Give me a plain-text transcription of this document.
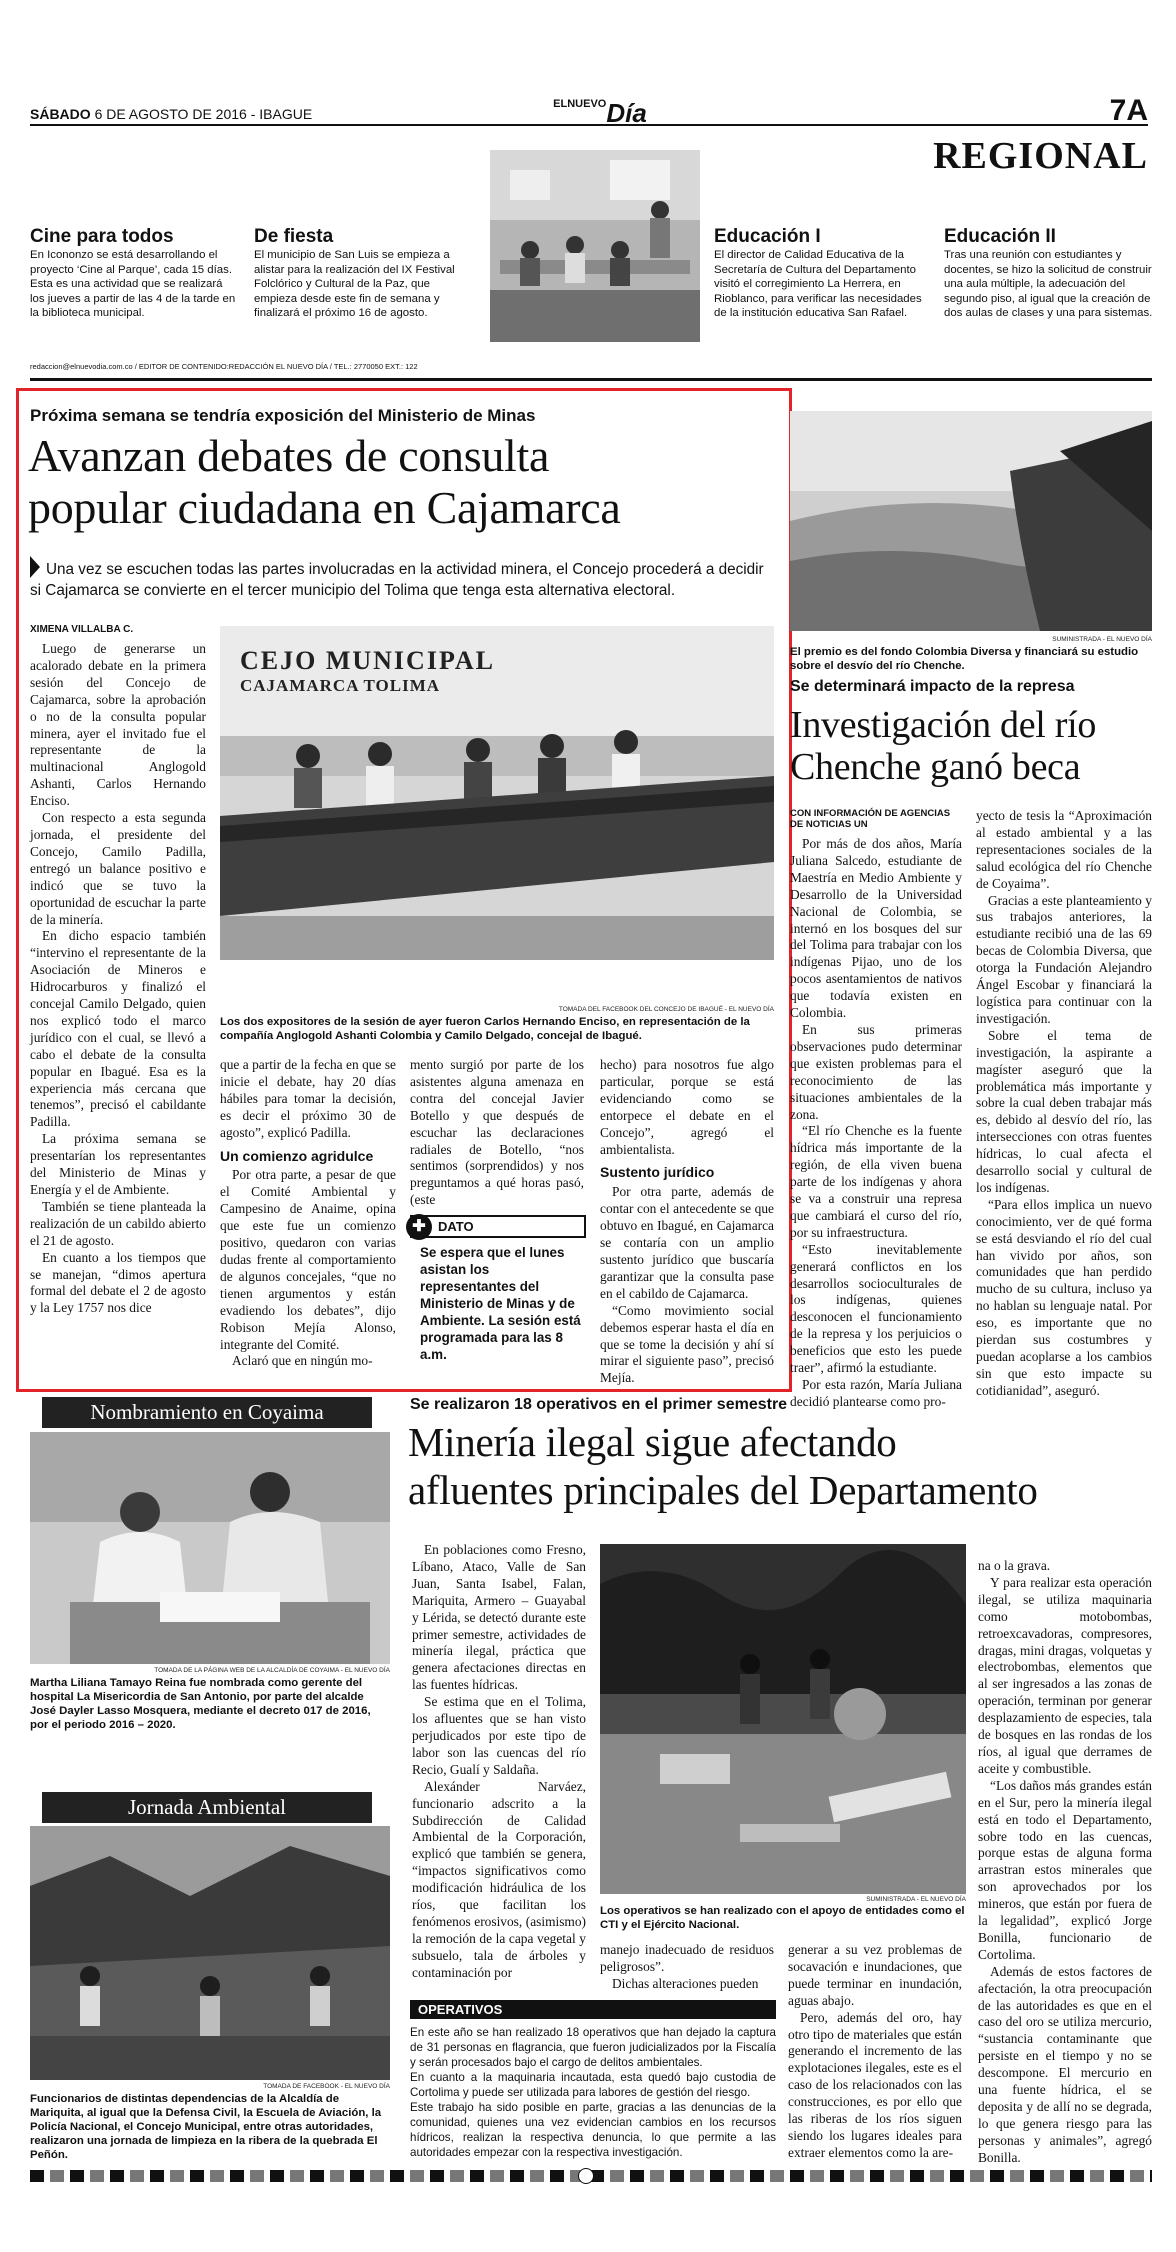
SÁBADO 6 DE AGOSTO DE 2016 - IBAGUE
$^{ELNUEVO}$Día	7A
REGIONAL
Cine para todos
En Icononzo se está desarrollando el proyecto ‘Cine al Parque’, cada 15 días. Esta es una actividad que se realizará los jueves a partir de las 4 de la tarde en la biblioteca municipal.
De fiesta
El municipio de San Luis se empieza a alistar para la realización del IX Festival Folclórico y Cultural de la Paz, que empieza desde este fin de semana y finalizará el próximo 16 de agosto.
Educación I
El director de Calidad Educativa de la Secretaría de Cultura del Departamento visitó el corregimiento La Herrera, en Rioblanco, para verificar las necesidades de la institución educativa San Rafael.
Educación II
Tras una reunión con estudiantes y docentes, se hizo la solicitud de construir una aula múltiple, la adecuación del segundo piso, al igual que la creación de dos aulas de clases y una para sistemas.
redaccion@elnuevodia.com.co / EDITOR DE CONTENIDO:REDACCIÓN EL NUEVO DÍA / TEL.: 2770050 EXT.: 122
Próxima semana se tendría exposición del Ministerio de Minas
Avanzan debates de consulta
popular ciudadana en Cajamarca
Una vez se escuchen todas las partes involucradas en la actividad minera, el Concejo procederá a decidir si Cajamarca se convierte en el tercer municipio del Tolima que tenga esta alternativa electoral.
XIMENA VILLALBA C.
CEJO MUNICIPAL
CAJAMARCA TOLIMA
TOMADA DEL FACEBOOK DEL CONCEJO DE IBAGUÉ - EL NUEVO DÍA
Los dos expositores de la sesión de ayer fueron Carlos Hernando Enciso, en representación de la compañía Anglogold Ashanti Colombia y Camilo Delgado, concejal de Ibagué.

Luego de generarse un acalorado debate en la primera sesión del Concejo de Cajamarca, sobre la aprobación o no de la consulta popular minera, ayer el invitado fue el representante de la multinacional Anglogold Ashanti, Carlos Hernando Enciso.

Con respecto a esta segunda jornada, el presidente del Concejo, Camilo Padilla, entregó un balance positivo e indicó que se tuvo la oportunidad de escuchar la parte de la minería.

En dicho espacio también “intervino el representante de la Asociación de Mineros e Hidrocarburos y finalizó el concejal Camilo Delgado, quien nos explicó todo el marco jurídico con el cual, se llevó a cabo el debate de la consulta popular en Ibagué. Esa es la experiencia más cercana que tenemos”, precisó el cabildante Padilla.

La próxima semana se presentarían los representantes del Ministerio de Minas y Energía y el de Ambiente.

También se tiene planteada la realización de un cabildo abierto el 21 de agosto.

En cuanto a los tiempos que se manejan, “dimos apertura formal del debate el 2 de agosto y la Ley 1757 nos dice

que a partir de la fecha en que se inicie el debate, hay 20 días hábiles para tomar la decisión, es decir el próximo 30 de agosto”, explicó Padilla.

Un comienzo agridulce

Por otra parte, a pesar de que el Comité Ambiental y Campesino de Anaime, opina que este fue un comienzo positivo, quedaron con varias dudas frente al comportamiento de algunos concejales, “que no tienen argumentos y están evadiendo los debates”, dijo Robison Mejía Alonso, integrante del Comité.

Aclaró que en ningún mo-

mento surgió por parte de los asistentes alguna amenaza en contra del concejal Javier Botello y que después de escuchar las declaraciones radiales de Botello, “nos sentimos (sorprendidos) y nos preguntamos a qué horas pasó, (este

✚ DATO
Se espera que el lunes asistan los representantes del Ministerio de Minas y de Ambiente. La sesión está programada para las 8 a.m.

hecho) para nosotros fue algo particular, porque se está evidenciando como se entorpece el debate en el Concejo”, agregó el ambientalista.

Sustento jurídico

Por otra parte, además de contar con el antecedente se que obtuvo en Ibagué, en Cajamarca se contaría con un amplio sustento jurídico que buscaría garantizar que la consulta pase en el cabildo de Cajamarca.

“Como movimiento social debemos esperar hasta el día en que se tome la decisión y ahí sí mirar el siguiente paso”, precisó Mejía.

SUMINISTRADA - EL NUEVO DÍA
El premio es del fondo Colombia Diversa y financiará su estudio sobre el desvío del río Chenche.
Se determinará impacto de la represa
Investigación del río
Chenche ganó beca
CON INFORMACIÓN DE AGENCIAS DE NOTICIAS UN

Por más de dos años, María Juliana Salcedo, estudiante de Maestría en Medio Ambiente y Desarrollo de la Universidad Nacional de Colombia, se internó en los bosques del sur del Tolima para trabajar con los indígenas Pijao, uno de los pocos asentamientos de nativos que todavía existen en Colombia.

En sus primeras observaciones pudo determinar que existen problemas para el reconocimiento de las situaciones ambientales de la zona.

“El río Chenche es la fuente hídrica más importante de la región, de ella viven buena parte de los indígenas y ahora se va a construir una represa que cambiará el curso del río, por su infraestructura.

“Esto inevitablemente generará conflictos en los desarrollos socioculturales de los indígenas, quienes desconocen el funcionamiento de la represa y los perjuicios o beneficios que esto les puede traer”, afirmó la estudiante.

Por esta razón, María Juliana decidió plantearse como pro-

yecto de tesis la “Aproximación al estado ambiental y a las representaciones sociales de la salud ecológica del río Chenche de Coyaima”.

Gracias a este planteamiento y sus trabajos anteriores, la estudiante recibió una de las 69 becas de Colombia Diversa, que otorga la Fundación Alejandro Ángel Escobar y financiará la logística para continuar con la investigación.

Sobre el tema de investigación, la aspirante a magíster aseguró que la problemática más importante y sobre la cual deben trabajar más es, debido al desvío del río, las intersecciones con otras fuentes hídricas, lo cual afecta el desarrollo social y cultural de los indígenas.

“Para ellos implica un nuevo conocimiento, ver de qué forma se está desviando el río del cual han vivido por años, son comunidades que han perdido mucho de su cultura, incluso ya no hablan su lenguaje natal. Por eso, es importante que no pierdan sus costumbres y puedan acoplarse a los cambios sin que esto impacte su cotidianidad”, aseguró.

Nombramiento en Coyaima
TOMADA DE LA PÁGINA WEB DE LA ALCALDÍA DE COYAIMA - EL NUEVO DÍA
Martha Liliana Tamayo Reina fue nombrada como gerente del hospital La Misericordia de San Antonio, por parte del alcalde José Dayler Lasso Mosquera, mediante el decreto 017 de 2016, por el periodo 2016 – 2020.
Jornada Ambiental
TOMADA DE FACEBOOK - EL NUEVO DÍA
Funcionarios de distintas dependencias de la Alcaldía de Mariquita, al igual que la Defensa Civil, la Escuela de Aviación, la Policía Nacional, el Concejo Municipal, entre otras autoridades, realizaron una jornada de limpieza en la ribera de la quebrada El Peñón.
Se realizaron 18 operativos en el primer semestre
Minería ilegal sigue afectando
afluentes principales del Departamento

En poblaciones como Fresno, Líbano, Ataco, Valle de San Juan, Santa Isabel, Falan, Mariquita, Armero – Guayabal y Lérida, se detectó durante este primer semestre, actividades de minería ilegal, práctica que genera afectaciones directas en las fuentes hídricas.

Se estima que en el Tolima, los afluentes que se han visto perjudicados por este tipo de labor son las cuencas del río Recio, Gualí y Saldaña.

Alexánder Narváez, funcionario adscrito a la Subdirección de Calidad Ambiental de la Corporación, explicó que también se genera, “impactos significativos como modificación hidráulica de los ríos, que facilitan los fenómenos erosivos, (asimismo) la remoción de la capa vegetal y subsuelo, tala de árboles y contaminación por

SUMINISTRADA - EL NUEVO DÍA
Los operativos se han realizado con el apoyo de entidades como el CTI y el Ejército Nacional.

manejo inadecuado de residuos peligrosos”.

Dichas alteraciones pueden

generar a su vez problemas de socavación e inundaciones, que puede terminar en inundación, aguas abajo.

Pero, además del oro, hay otro tipo de materiales que están generando el incremento de las explotaciones ilegales, este es el caso de los relacionados con las construcciones, es por ello que las riberas de los ríos siguen siendo los lugares ideales para extraer elementos como la are-

na o la grava.

Y para realizar esta operación ilegal, se utiliza maquinaria como motobombas, retroexcavadoras, compresores, dragas, mini dragas, volquetas y electrobombas, elementos que al ser ingresados a las zonas de operación, terminan por generar desplazamiento de especies, tala de bosques en las rondas de los ríos, al igual que derrames de aceite y combustible.

“Los daños más grandes están en el Sur, pero la minería ilegal está en todo el Departamento, sobre todo en las cuencas, porque estas de alguna forma arrastran estos minerales que son aprovechados por los mineros, que están por fuera de la legalidad”, explicó Jorge Bonilla, funcionario de Cortolima.

Además de estos factores de afectación, la otra preocupación de las autoridades es que en el caso del oro se utiliza mercurio, “sustancia contaminante que persiste en el tiempo y no se descompone. El mercurio en una fuente hídrica, el se deposita y de allí no se degrada, lo que genera riesgo para las personas y animales”, agregó Bonilla.

OPERATIVOS
En este año se han realizado 18 operativos que han dejado la captura de 31 personas en flagrancia, que fueron judicializados por la Fiscalía y serán procesados bajo el cargo de delitos ambientales.
En cuanto a la maquinaria incautada, esta quedó bajo custodia de Cortolima y puede ser utilizada para labores de gestión del riesgo.
Este trabajo ha sido posible en parte, gracias a las denuncias de la comunidad, quienes una vez evidencian cambios en los recursos hídricos, realizan la respectiva denuncia, lo que permite a las autoridades empezar con la respectiva investigación.
